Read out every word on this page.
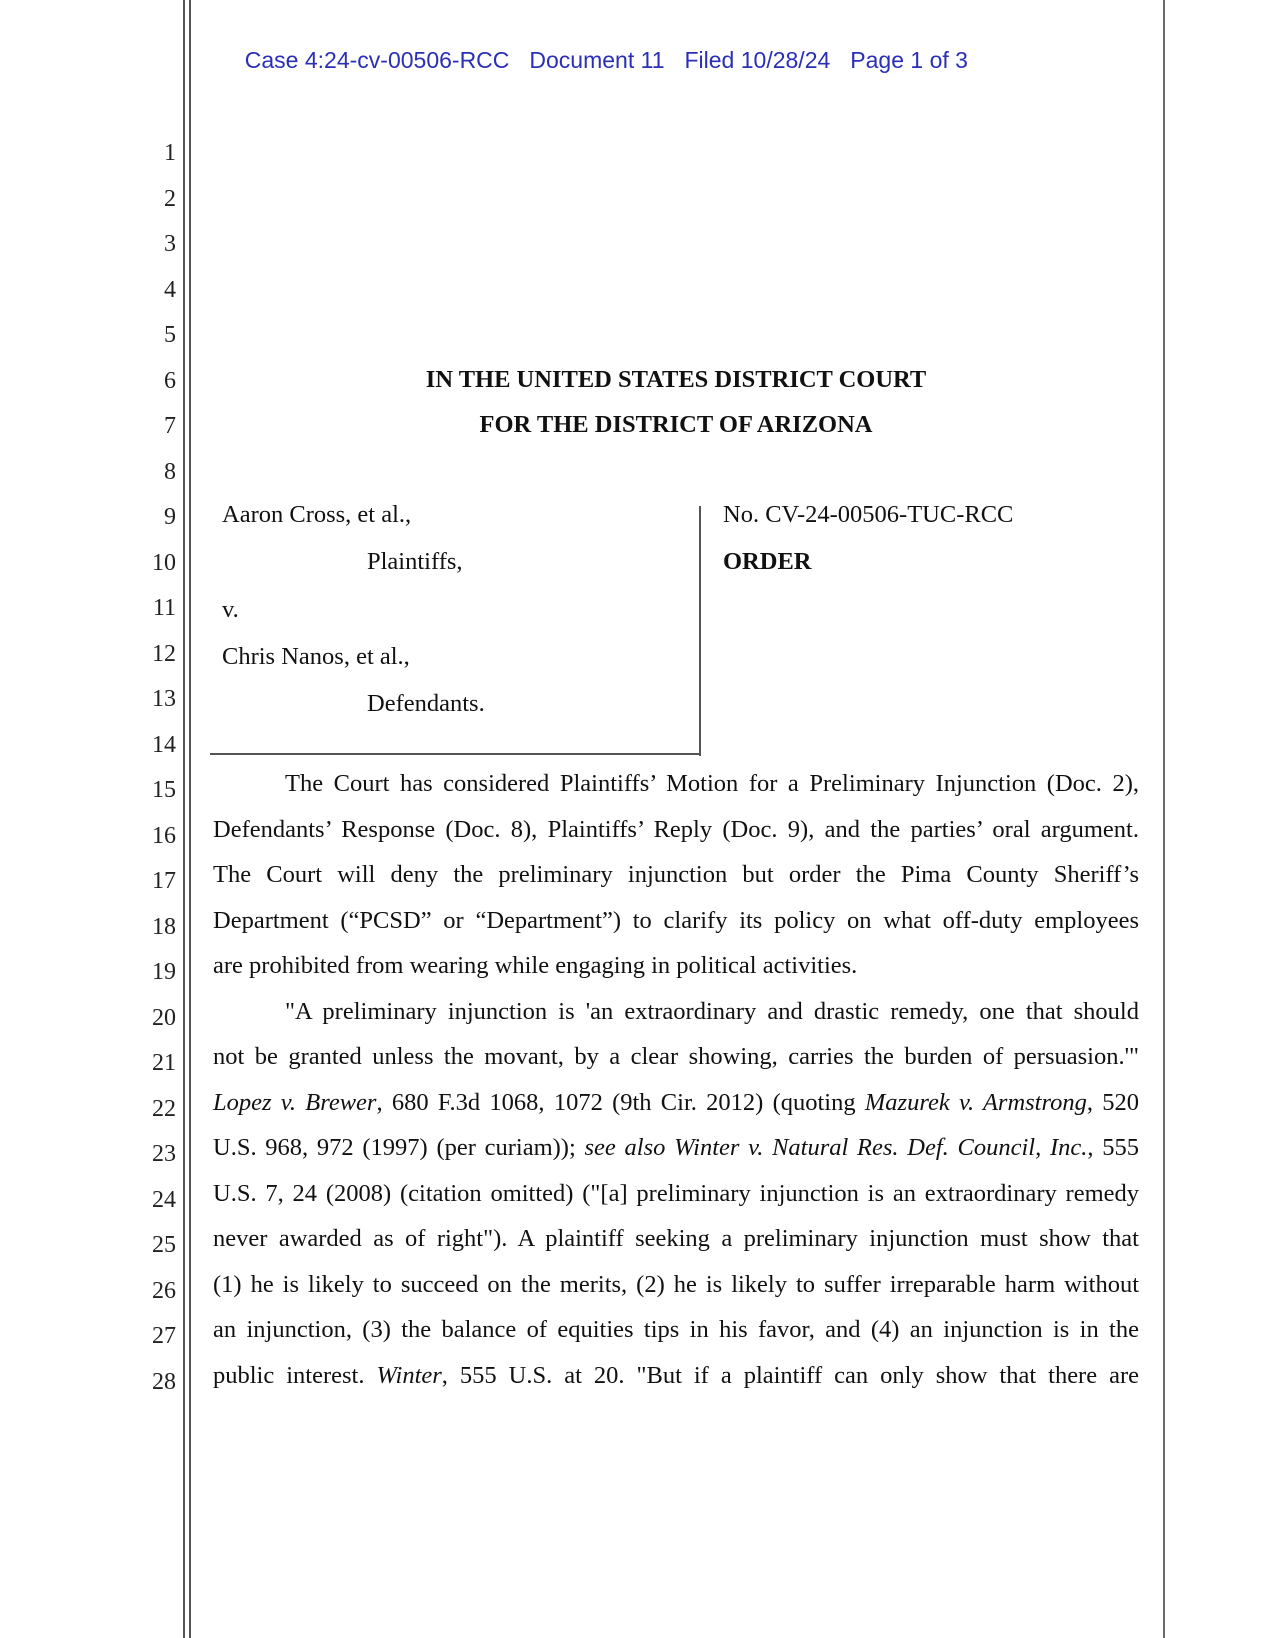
Case 4:24-cv-00506-RCC Document 11 Filed 10/28/24 Page 1 of 3

1
2
3
4
5
6
7
8
9
10
11
12
13
14
15
16
17
18
19
20
21
22
23
24
25
26
27
28
IN THE UNITED STATES DISTRICT COURT
FOR THE DISTRICT OF ARIZONA
Aaron Cross, et al.,
Plaintiffs,
v.
Chris Nanos, et al.,
Defendants.
No. CV-24-00506-TUC-RCC
ORDER
The Court has considered Plaintiffs’ Motion for a Preliminary Injunction (Doc. 2),
Defendants’ Response (Doc. 8), Plaintiffs’ Reply (Doc. 9), and the parties’ oral argument.
The Court will deny the preliminary injunction but order the Pima County Sheriff’s
Department (“PCSD” or “Department”) to clarify its policy on what off-duty employees
are prohibited from wearing while engaging in political activities.
"A preliminary injunction is 'an extraordinary and drastic remedy, one that should
not be granted unless the movant, by a clear showing, carries the burden of persuasion.'"
Lopez v. Brewer, 680 F.3d 1068, 1072 (9th Cir. 2012) (quoting Mazurek v. Armstrong, 520
U.S. 968, 972 (1997) (per curiam)); see also Winter v. Natural Res. Def. Council, Inc., 555
U.S. 7, 24 (2008) (citation omitted) ("[a] preliminary injunction is an extraordinary remedy
never awarded as of right"). A plaintiff seeking a preliminary injunction must show that
(1) he is likely to succeed on the merits, (2) he is likely to suffer irreparable harm without
an injunction, (3) the balance of equities tips in his favor, and (4) an injunction is in the
public interest. Winter, 555 U.S. at 20. "But if a plaintiff can only show that there are
